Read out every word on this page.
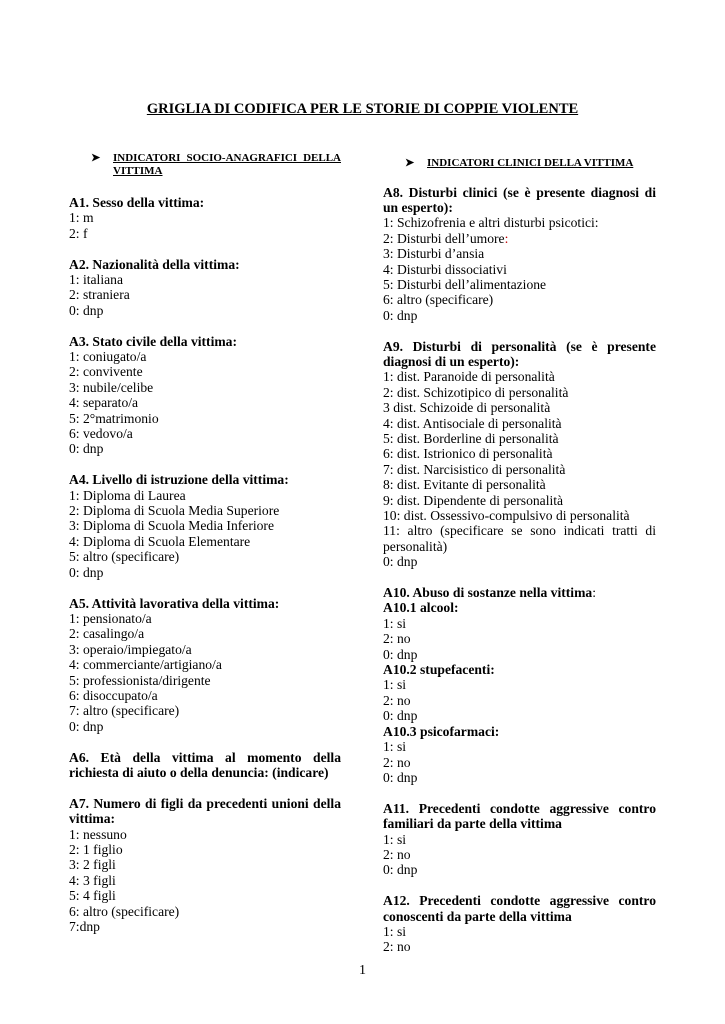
GRIGLIA DI CODIFICA PER LE STORIE DI COPPIE VIOLENTE
➤ INDICATORI SOCIO-ANAGRAFICI DELLA VITTIMA
A1. Sesso della vittima:
1: m
2: f
A2. Nazionalità della vittima:
1: italiana
2: straniera
0: dnp
A3. Stato civile della vittima:
1: coniugato/a
2: convivente
3: nubile/celibe
4: separato/a
5: 2°matrimonio
6: vedovo/a
0: dnp
A4. Livello di istruzione della vittima:
1: Diploma di Laurea
2: Diploma di Scuola Media Superiore
3: Diploma di Scuola Media Inferiore
4: Diploma di Scuola Elementare
5: altro (specificare)
0: dnp
A5. Attività lavorativa della vittima:
1: pensionato/a
2: casalingo/a
3: operaio/impiegato/a
4: commerciante/artigiano/a
5: professionista/dirigente
6: disoccupato/a
7: altro (specificare)
0: dnp
A6. Età della vittima al momento della richiesta di aiuto o della denuncia: (indicare)
A7. Numero di figli da precedenti unioni della vittima:
1: nessuno
2: 1 figlio
3: 2 figli
4: 3 figli
5: 4 figli
6: altro (specificare)
7:dnp
➤ INDICATORI CLINICI DELLA VITTIMA
A8. Disturbi clinici (se è presente diagnosi di un esperto):
1: Schizofrenia e altri disturbi psicotici:
2: Disturbi dell’umore:
3: Disturbi d’ansia
4: Disturbi dissociativi
5: Disturbi dell’alimentazione
6: altro (specificare)
0: dnp
A9. Disturbi di personalità (se è presente diagnosi di un esperto):
1: dist. Paranoide di personalità
2: dist. Schizotipico di personalità
3 dist. Schizoide di personalità
4: dist. Antisociale di personalità
5: dist. Borderline di personalità
6: dist. Istrionico di personalità
7: dist. Narcisistico di personalità
8: dist. Evitante di personalità
9: dist. Dipendente di personalità
10: dist. Ossessivo-compulsivo di personalità
11: altro (specificare se sono indicati tratti di personalità)
0: dnp
A10. Abuso di sostanze nella vittima:
A10.1 alcool:
1: si
2: no
0: dnp
A10.2 stupefacenti:
1: si
2: no
0: dnp
A10.3 psicofarmaci:
1: si
2: no
0: dnp
A11. Precedenti condotte aggressive contro familiari da parte della vittima
1: si
2: no
0: dnp
A12. Precedenti condotte aggressive contro conoscenti da parte della vittima
1: si
2: no
1
